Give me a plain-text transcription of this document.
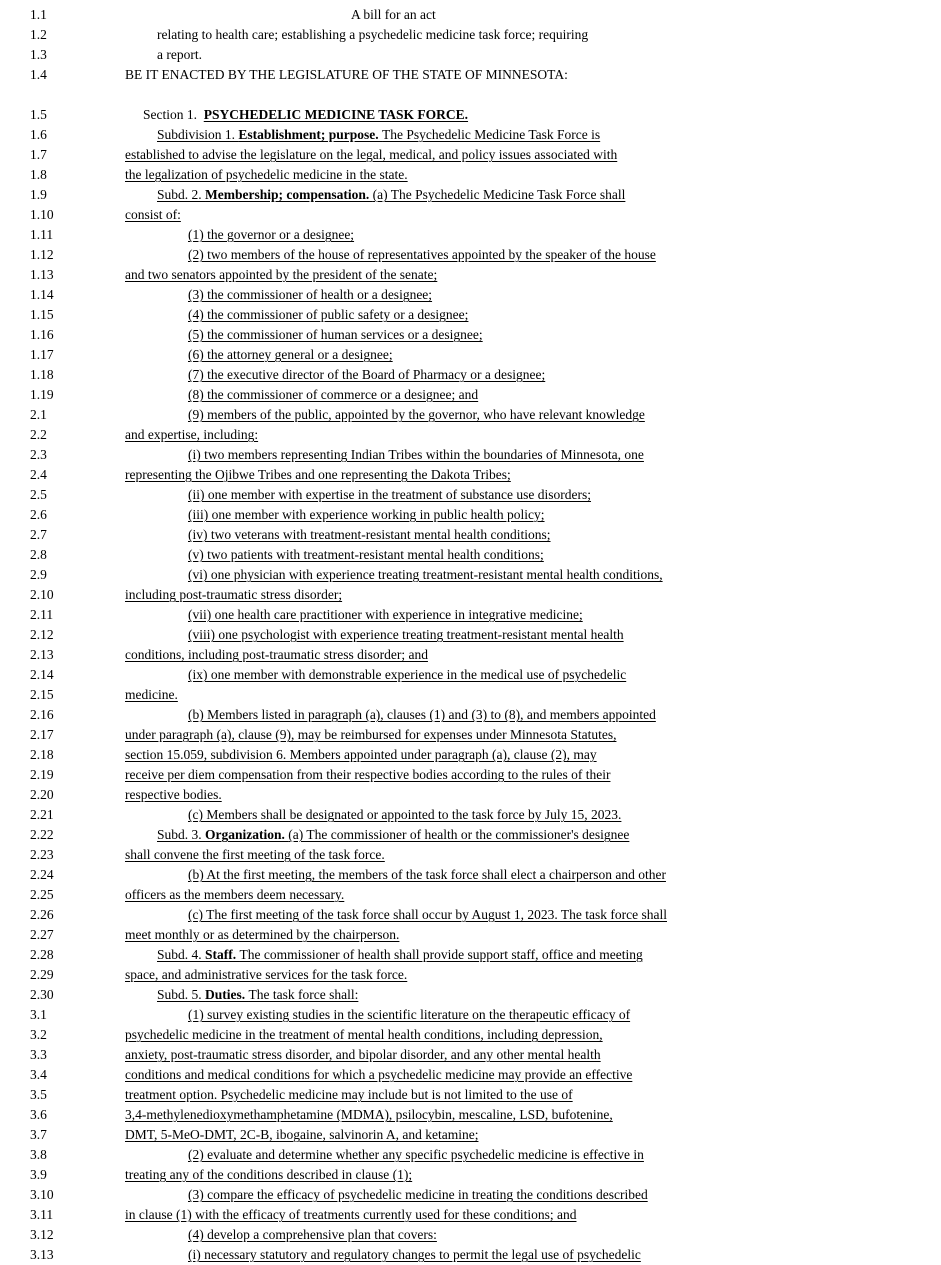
1.1	A bill for an act
1.2	relating to health care; establishing a psychedelic medicine task force; requiring
1.3	a report.
1.4	BE IT ENACTED BY THE LEGISLATURE OF THE STATE OF MINNESOTA:
1.5	Section 1.  PSYCHEDELIC MEDICINE TASK FORCE.
1.6	Subdivision 1. Establishment; purpose. The Psychedelic Medicine Task Force is
1.7	established to advise the legislature on the legal, medical, and policy issues associated with
1.8	the legalization of psychedelic medicine in the state.
1.9	Subd. 2. Membership; compensation. (a) The Psychedelic Medicine Task Force shall
1.10	consist of:
1.11	(1) the governor or a designee;
1.12	(2) two members of the house of representatives appointed by the speaker of the house
1.13	and two senators appointed by the president of the senate;
1.14	(3) the commissioner of health or a designee;
1.15	(4) the commissioner of public safety or a designee;
1.16	(5) the commissioner of human services or a designee;
1.17	(6) the attorney general or a designee;
1.18	(7) the executive director of the Board of Pharmacy or a designee;
1.19	(8) the commissioner of commerce or a designee; and
2.1	(9) members of the public, appointed by the governor, who have relevant knowledge
2.2	and expertise, including:
2.3	(i) two members representing Indian Tribes within the boundaries of Minnesota, one
2.4	representing the Ojibwe Tribes and one representing the Dakota Tribes;
2.5	(ii) one member with expertise in the treatment of substance use disorders;
2.6	(iii) one member with experience working in public health policy;
2.7	(iv) two veterans with treatment-resistant mental health conditions;
2.8	(v) two patients with treatment-resistant mental health conditions;
2.9	(vi) one physician with experience treating treatment-resistant mental health conditions,
2.10	including post-traumatic stress disorder;
2.11	(vii) one health care practitioner with experience in integrative medicine;
2.12	(viii) one psychologist with experience treating treatment-resistant mental health
2.13	conditions, including post-traumatic stress disorder; and
2.14	(ix) one member with demonstrable experience in the medical use of psychedelic
2.15	medicine.
2.16	(b) Members listed in paragraph (a), clauses (1) and (3) to (8), and members appointed
2.17	under paragraph (a), clause (9), may be reimbursed for expenses under Minnesota Statutes,
2.18	section 15.059, subdivision 6. Members appointed under paragraph (a), clause (2), may
2.19	receive per diem compensation from their respective bodies according to the rules of their
2.20	respective bodies.
2.21	(c) Members shall be designated or appointed to the task force by July 15, 2023.
2.22	Subd. 3. Organization. (a) The commissioner of health or the commissioner's designee
2.23	shall convene the first meeting of the task force.
2.24	(b) At the first meeting, the members of the task force shall elect a chairperson and other
2.25	officers as the members deem necessary.
2.26	(c) The first meeting of the task force shall occur by August 1, 2023. The task force shall
2.27	meet monthly or as determined by the chairperson.
2.28	Subd. 4. Staff. The commissioner of health shall provide support staff, office and meeting
2.29	space, and administrative services for the task force.
2.30	Subd. 5. Duties. The task force shall:
3.1	(1) survey existing studies in the scientific literature on the therapeutic efficacy of
3.2	psychedelic medicine in the treatment of mental health conditions, including depression,
3.3	anxiety, post-traumatic stress disorder, and bipolar disorder, and any other mental health
3.4	conditions and medical conditions for which a psychedelic medicine may provide an effective
3.5	treatment option. Psychedelic medicine may include but is not limited to the use of
3.6	3,4-methylenedioxymethamphetamine (MDMA), psilocybin, mescaline, LSD, bufotenine,
3.7	DMT, 5-MeO-DMT, 2C-B, ibogaine, salvinorin A, and ketamine;
3.8	(2) evaluate and determine whether any specific psychedelic medicine is effective in
3.9	treating any of the conditions described in clause (1);
3.10	(3) compare the efficacy of psychedelic medicine in treating the conditions described
3.11	in clause (1) with the efficacy of treatments currently used for these conditions; and
3.12	(4) develop a comprehensive plan that covers:
3.13	(i) necessary statutory and regulatory changes to permit the legal use of psychedelic
